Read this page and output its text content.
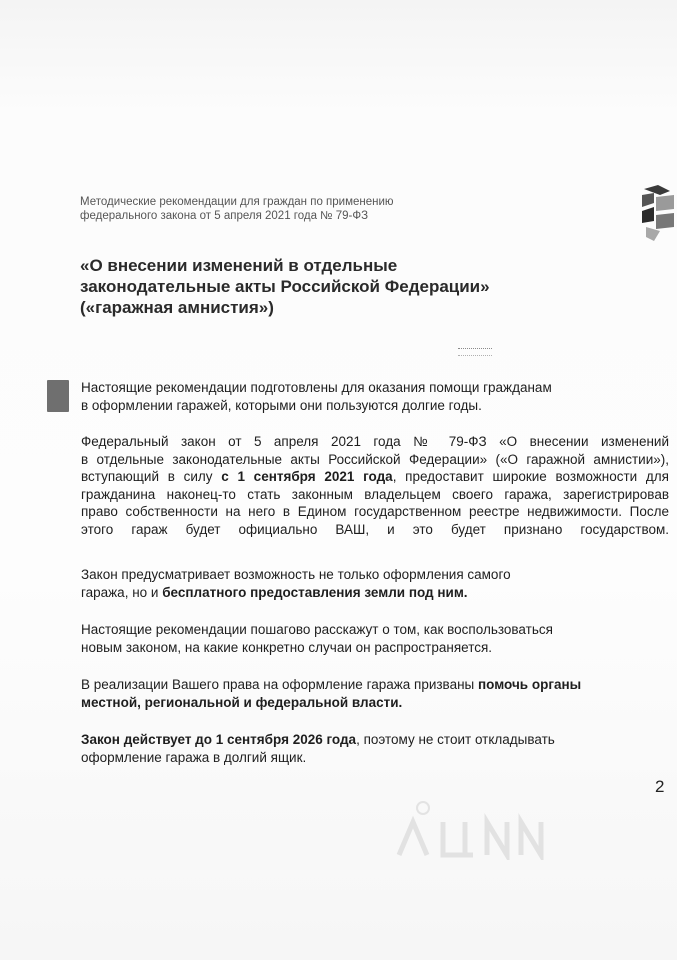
Методические рекомендации для граждан по применению
федерального закона от 5 апреля 2021 года № 79-ФЗ
«О внесении изменений в отдельные
законодательные акты Российской Федерации»
(«гаражная амнистия»)
Настоящие рекомендации подготовлены для оказания помощи гражданам
в оформлении гаражей, которыми они пользуются долгие годы.
Федеральный закон от 5 апреля 2021 года № 79-ФЗ «О внесении изменений
в отдельные законодательные акты Российской Федерации» («О гаражной амнистии»),
вступающий в силу с 1 сентября 2021 года, предоставит широкие возможности для
гражданина наконец-то стать законным владельцем своего гаража, зарегистрировав
право собственности на него в Едином государственном реестре недвижимости. После
этого гараж будет официально ВАШ, и это будет признано государством.
Закон предусматривает возможность не только оформления самого
гаража, но и бесплатного предоставления земли под ним.
Настоящие рекомендации пошагово расскажут о том, как воспользоваться
новым законом, на какие конкретно случаи он распространяется.
В реализации Вашего права на оформление гаража призваны помочь органы
местной, региональной и федеральной власти.
Закон действует до 1 сентября 2026 года, поэтому не стоит откладывать
оформление гаража в долгий ящик.
2
